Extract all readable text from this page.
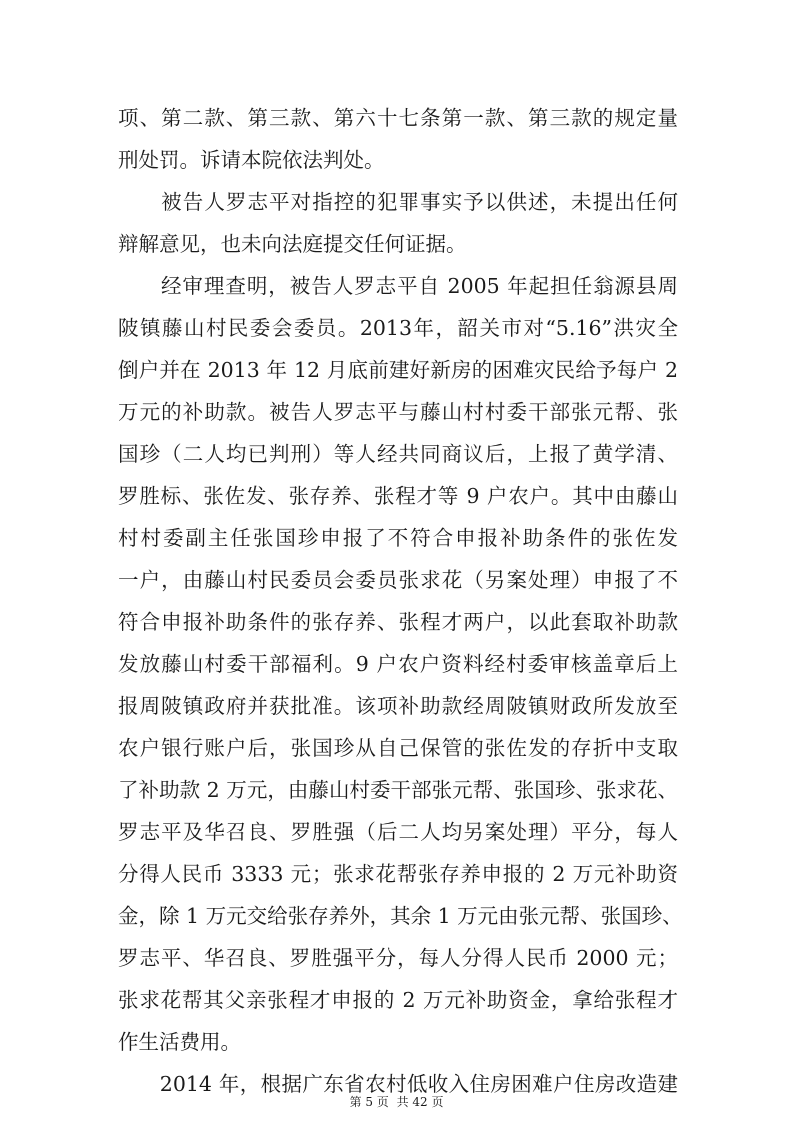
项、第二款、第三款、第六十七条第一款、第三款的规定量
刑处罚。诉请本院依法判处。
　　被告人罗志平对指控的犯罪事实予以供述，未提出任何
辩解意见，也未向法庭提交任何证据。
　　经审理查明，被告人罗志平自 2005 年起担任翁源县周
陂镇藤山村民委会委员。2013年，韶关市对“5.16”洪灾全
倒户并在 2013 年 12 月底前建好新房的困难灾民给予每户 2
万元的补助款。被告人罗志平与藤山村村委干部张元帮、张
国珍（二人均已判刑）等人经共同商议后，上报了黄学清、
罗胜标、张佐发、张存养、张程才等 9 户农户。其中由藤山
村村委副主任张国珍申报了不符合申报补助条件的张佐发
一户，由藤山村民委员会委员张求花（另案处理）申报了不
符合申报补助条件的张存养、张程才两户，以此套取补助款
发放藤山村委干部福利。9 户农户资料经村委审核盖章后上
报周陂镇政府并获批准。该项补助款经周陂镇财政所发放至
农户银行账户后，张国珍从自己保管的张佐发的存折中支取
了补助款 2 万元，由藤山村委干部张元帮、张国珍、张求花、
罗志平及华召良、罗胜强（后二人均另案处理）平分，每人
分得人民币 3333 元；张求花帮张存养申报的 2 万元补助资
金，除 1 万元交给张存养外，其余 1 万元由张元帮、张国珍、
罗志平、华召良、罗胜强平分，每人分得人民币 2000 元；
张求花帮其父亲张程才申报的 2 万元补助资金，拿给张程才
作生活费用。
　　2014 年，根据广东省农村低收入住房困难户住房改造建
第 5 页 共 42 页
